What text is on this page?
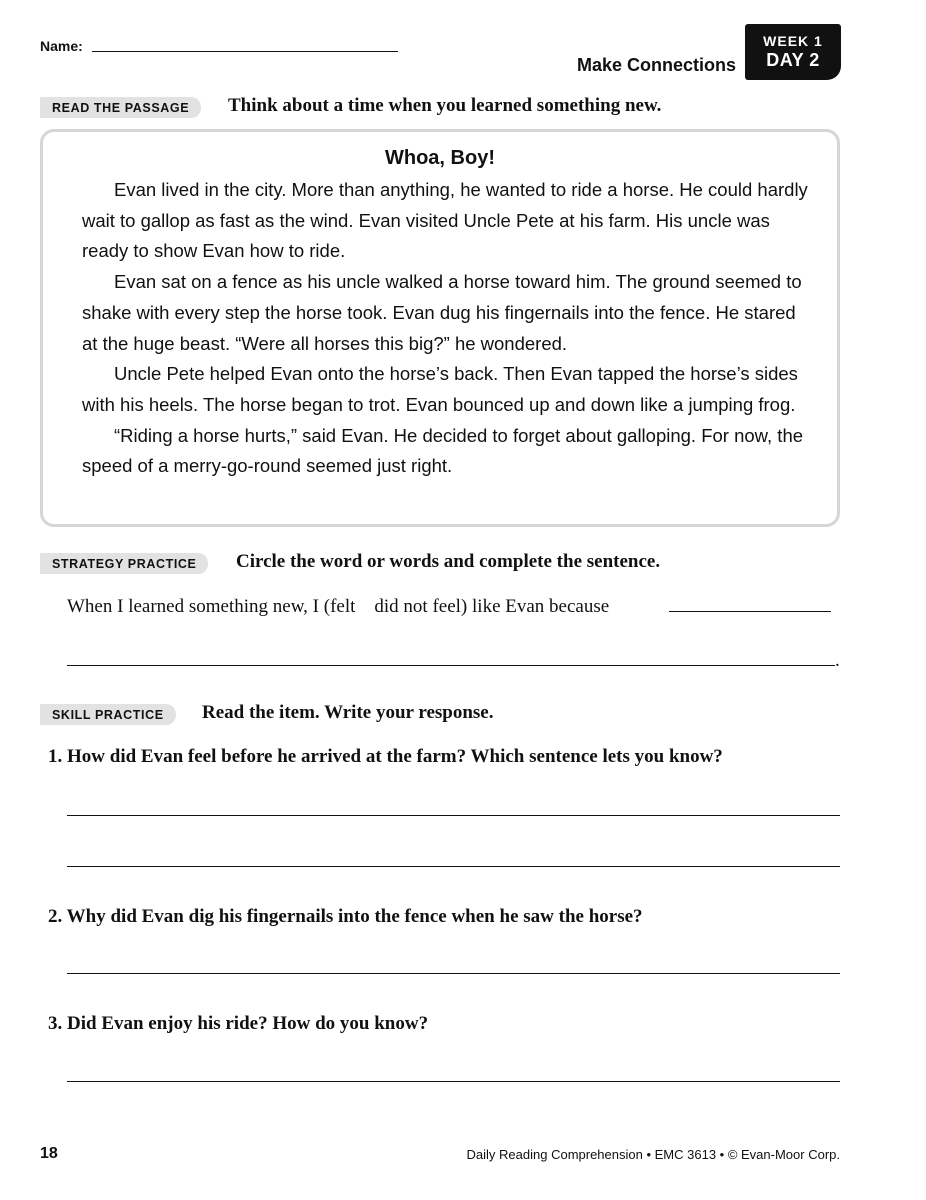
Name:
Make Connections
WEEK 1
DAY 2
READ THE PASSAGE	Think about a time when you learned something new.
Whoa, Boy!

Evan lived in the city. More than anything, he wanted to ride a horse. He could hardly wait to gallop as fast as the wind. Evan visited Uncle Pete at his farm. His uncle was ready to show Evan how to ride.

Evan sat on a fence as his uncle walked a horse toward him. The ground seemed to shake with every step the horse took. Evan dug his fingernails into the fence. He stared at the huge beast. “Were all horses this big?” he wondered.

Uncle Pete helped Evan onto the horse’s back. Then Evan tapped the horse’s sides with his heels. The horse began to trot. Evan bounced up and down like a jumping frog.

“Riding a horse hurts,” said Evan. He decided to forget about galloping. For now, the speed of a merry-go-round seemed just right.

STRATEGY PRACTICE	Circle the word or words and complete the sentence.
When I learned something new, I (felt    did not feel) like Evan because
.
SKILL PRACTICE	Read the item. Write your response.
1. How did Evan feel before he arrived at the farm? Which sentence lets you know?
2. Why did Evan dig his fingernails into the fence when he saw the horse?
3. Did Evan enjoy his ride? How do you know?
18	Daily Reading Comprehension • EMC 3613 • © Evan-Moor Corp.
